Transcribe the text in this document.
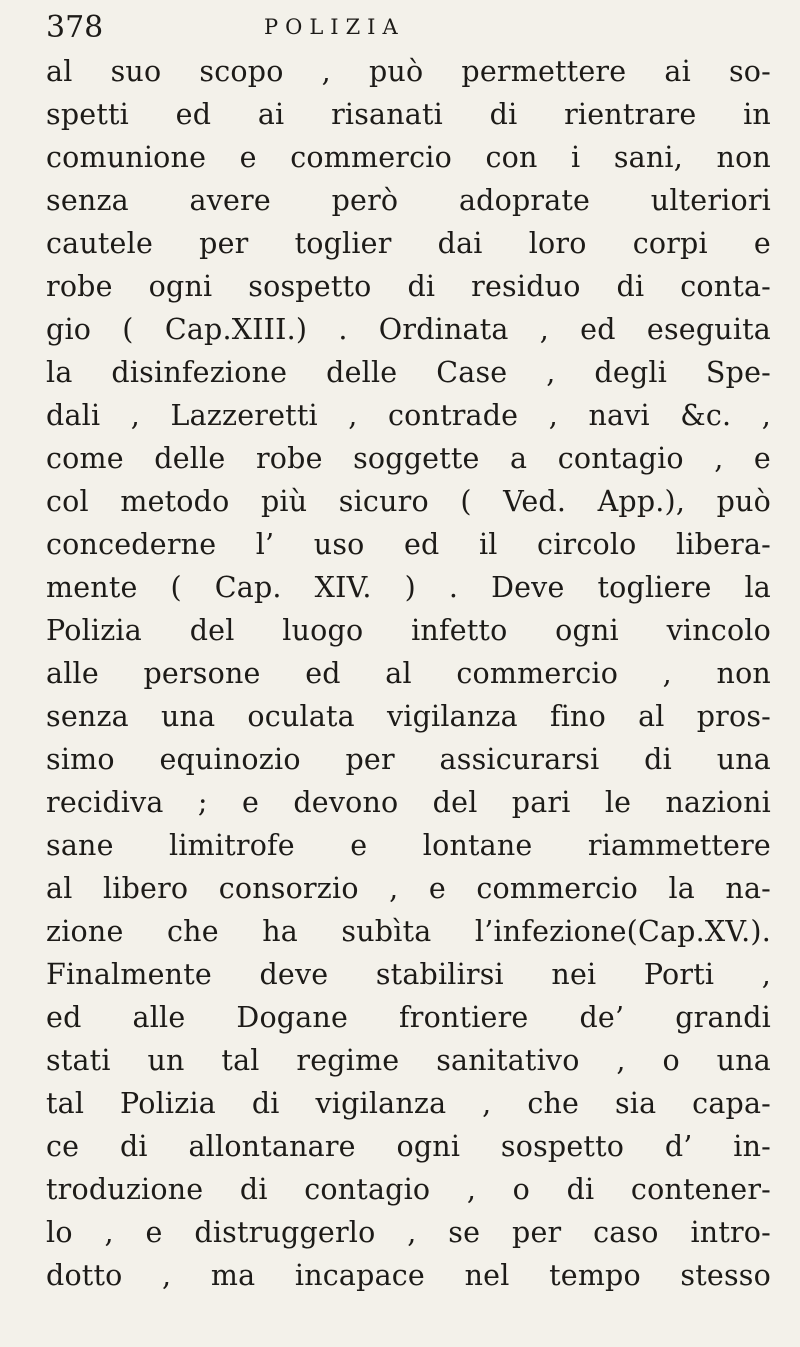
378	POLIZIA
al suo scopo , può permettere ai so-
spetti ed ai risanati di rientrare in
comunione e commercio con i sani, non
senza avere però adoprate ulteriori
cautele per toglier dai loro corpi e
robe ogni sospetto di residuo di conta-
gio ( Cap.XIII.) . Ordinata , ed eseguita
la disinfezione delle Case , degli Spe-
dali , Lazzeretti , contrade , navi &c. ,
come delle robe soggette a contagio , e
col metodo più sicuro ( Ved. App.), può
concederne l’ uso ed il circolo libera-
mente ( Cap. XIV. ) . Deve togliere la
Polizia del luogo infetto ogni vincolo
alle persone ed al commercio , non
senza una oculata vigilanza fino al pros-
simo equinozio per assicurarsi di una
recidiva ; e devono del pari le nazioni
sane limitrofe e lontane riammettere
al libero consorzio , e commercio la na-
zione che ha subìta l’infezione(Cap.XV.).
Finalmente deve stabilirsi nei Porti ,
ed alle Dogane frontiere de’ grandi
stati un tal regime sanitativo , o una
tal Polizia di vigilanza , che sia capa-
ce di allontanare ogni sospetto d’ in-
troduzione di contagio , o di contener-
lo , e distruggerlo , se per caso intro-
dotto , ma incapace nel tempo stesso
